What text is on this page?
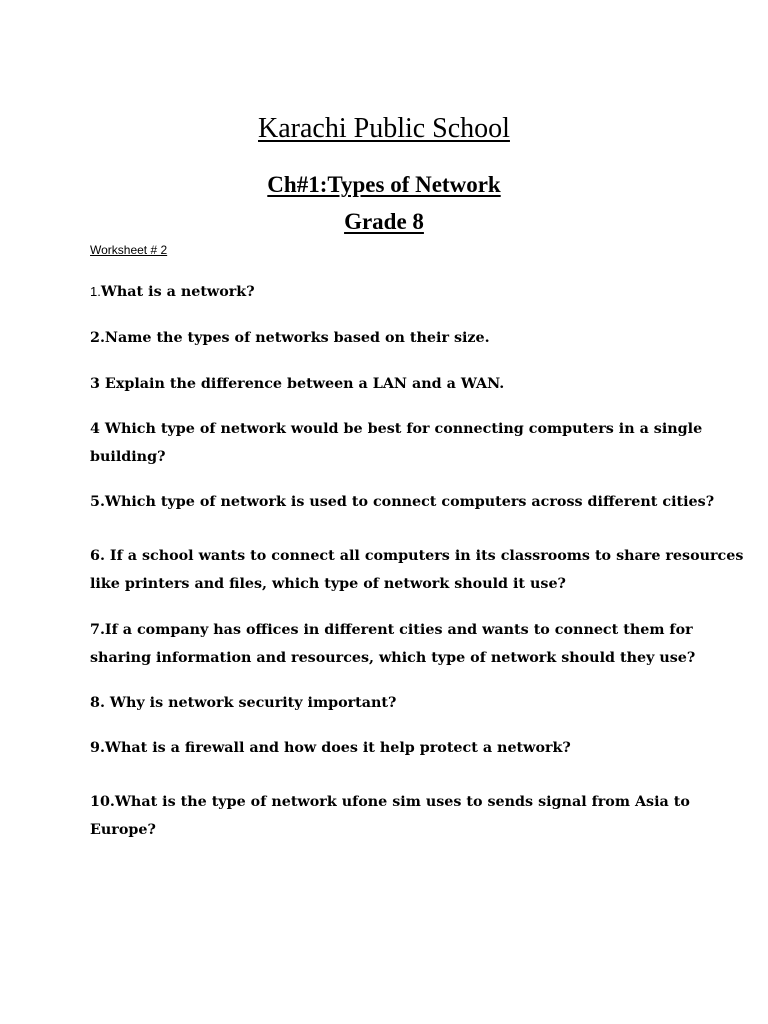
Karachi Public School
Ch#1:Types of Network
Grade 8
Worksheet # 2
1.What is a network?
2.Name the types of networks based on their size.
3 Explain the difference between a LAN and a WAN.
4 Which type of network would be best for connecting computers in a single
building?
5.Which type of network is used to connect computers across different cities?
6. If a school wants to connect all computers in its classrooms to share resources
like printers and files, which type of network should it use?
7.If a company has offices in different cities and wants to connect them for
sharing information and resources, which type of network should they use?
8. Why is network security important?
9.What is a firewall and how does it help protect a network?
10.What is the type of network ufone sim uses to sends signal from Asia to
Europe?
